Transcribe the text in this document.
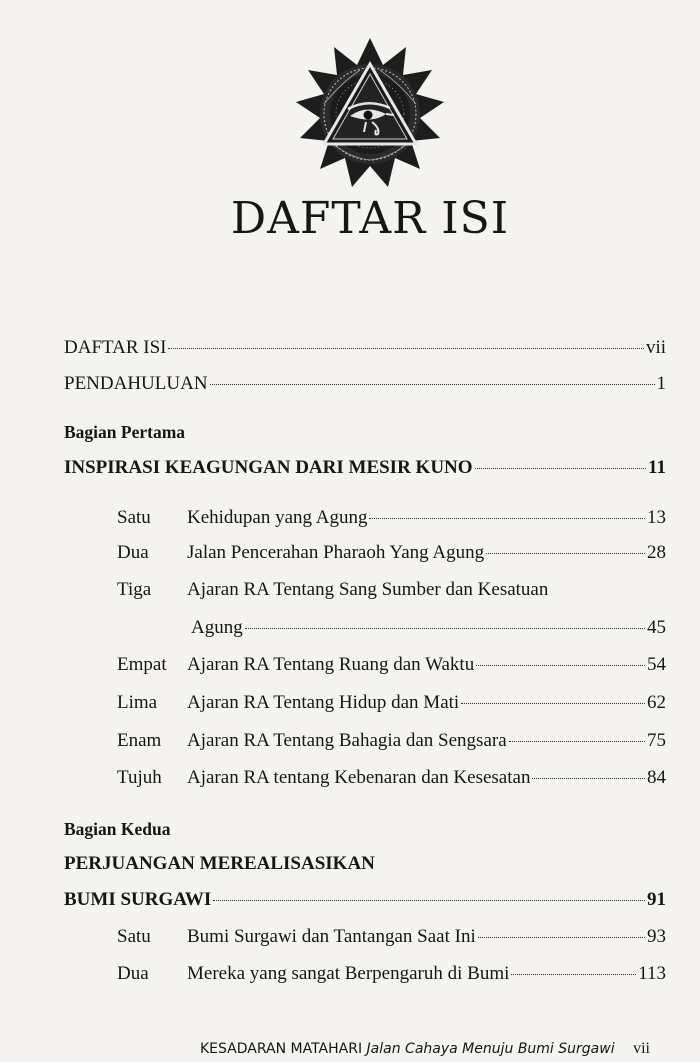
DAFTAR ISI
DAFTAR ISI	vii
PENDAHULUAN	1
Bagian Pertama
INSPIRASI KEAGUNGAN DARI MESIR KUNO	11
Satu	Kehidupan yang Agung	13
Dua	Jalan Pencerahan Pharaoh Yang Agung	28
Tiga	Ajaran RA Tentang Sang Sumber dan Kesatuan
Agung	45
Empat	Ajaran RA Tentang Ruang dan Waktu	54
Lima	Ajaran RA Tentang Hidup dan Mati	62
Enam	Ajaran RA Tentang Bahagia dan Sengsara	75
Tujuh	Ajaran RA tentang Kebenaran dan Kesesatan	84
Bagian Kedua
PERJUANGAN MEREALISASIKAN
BUMI SURGAWI	91
Satu	Bumi Surgawi dan Tantangan Saat Ini	93
Dua	Mereka yang sangat Berpengaruh di Bumi	113
KESADARAN MATAHARI Jalan Cahaya Menuju Bumi Surgawi vii
